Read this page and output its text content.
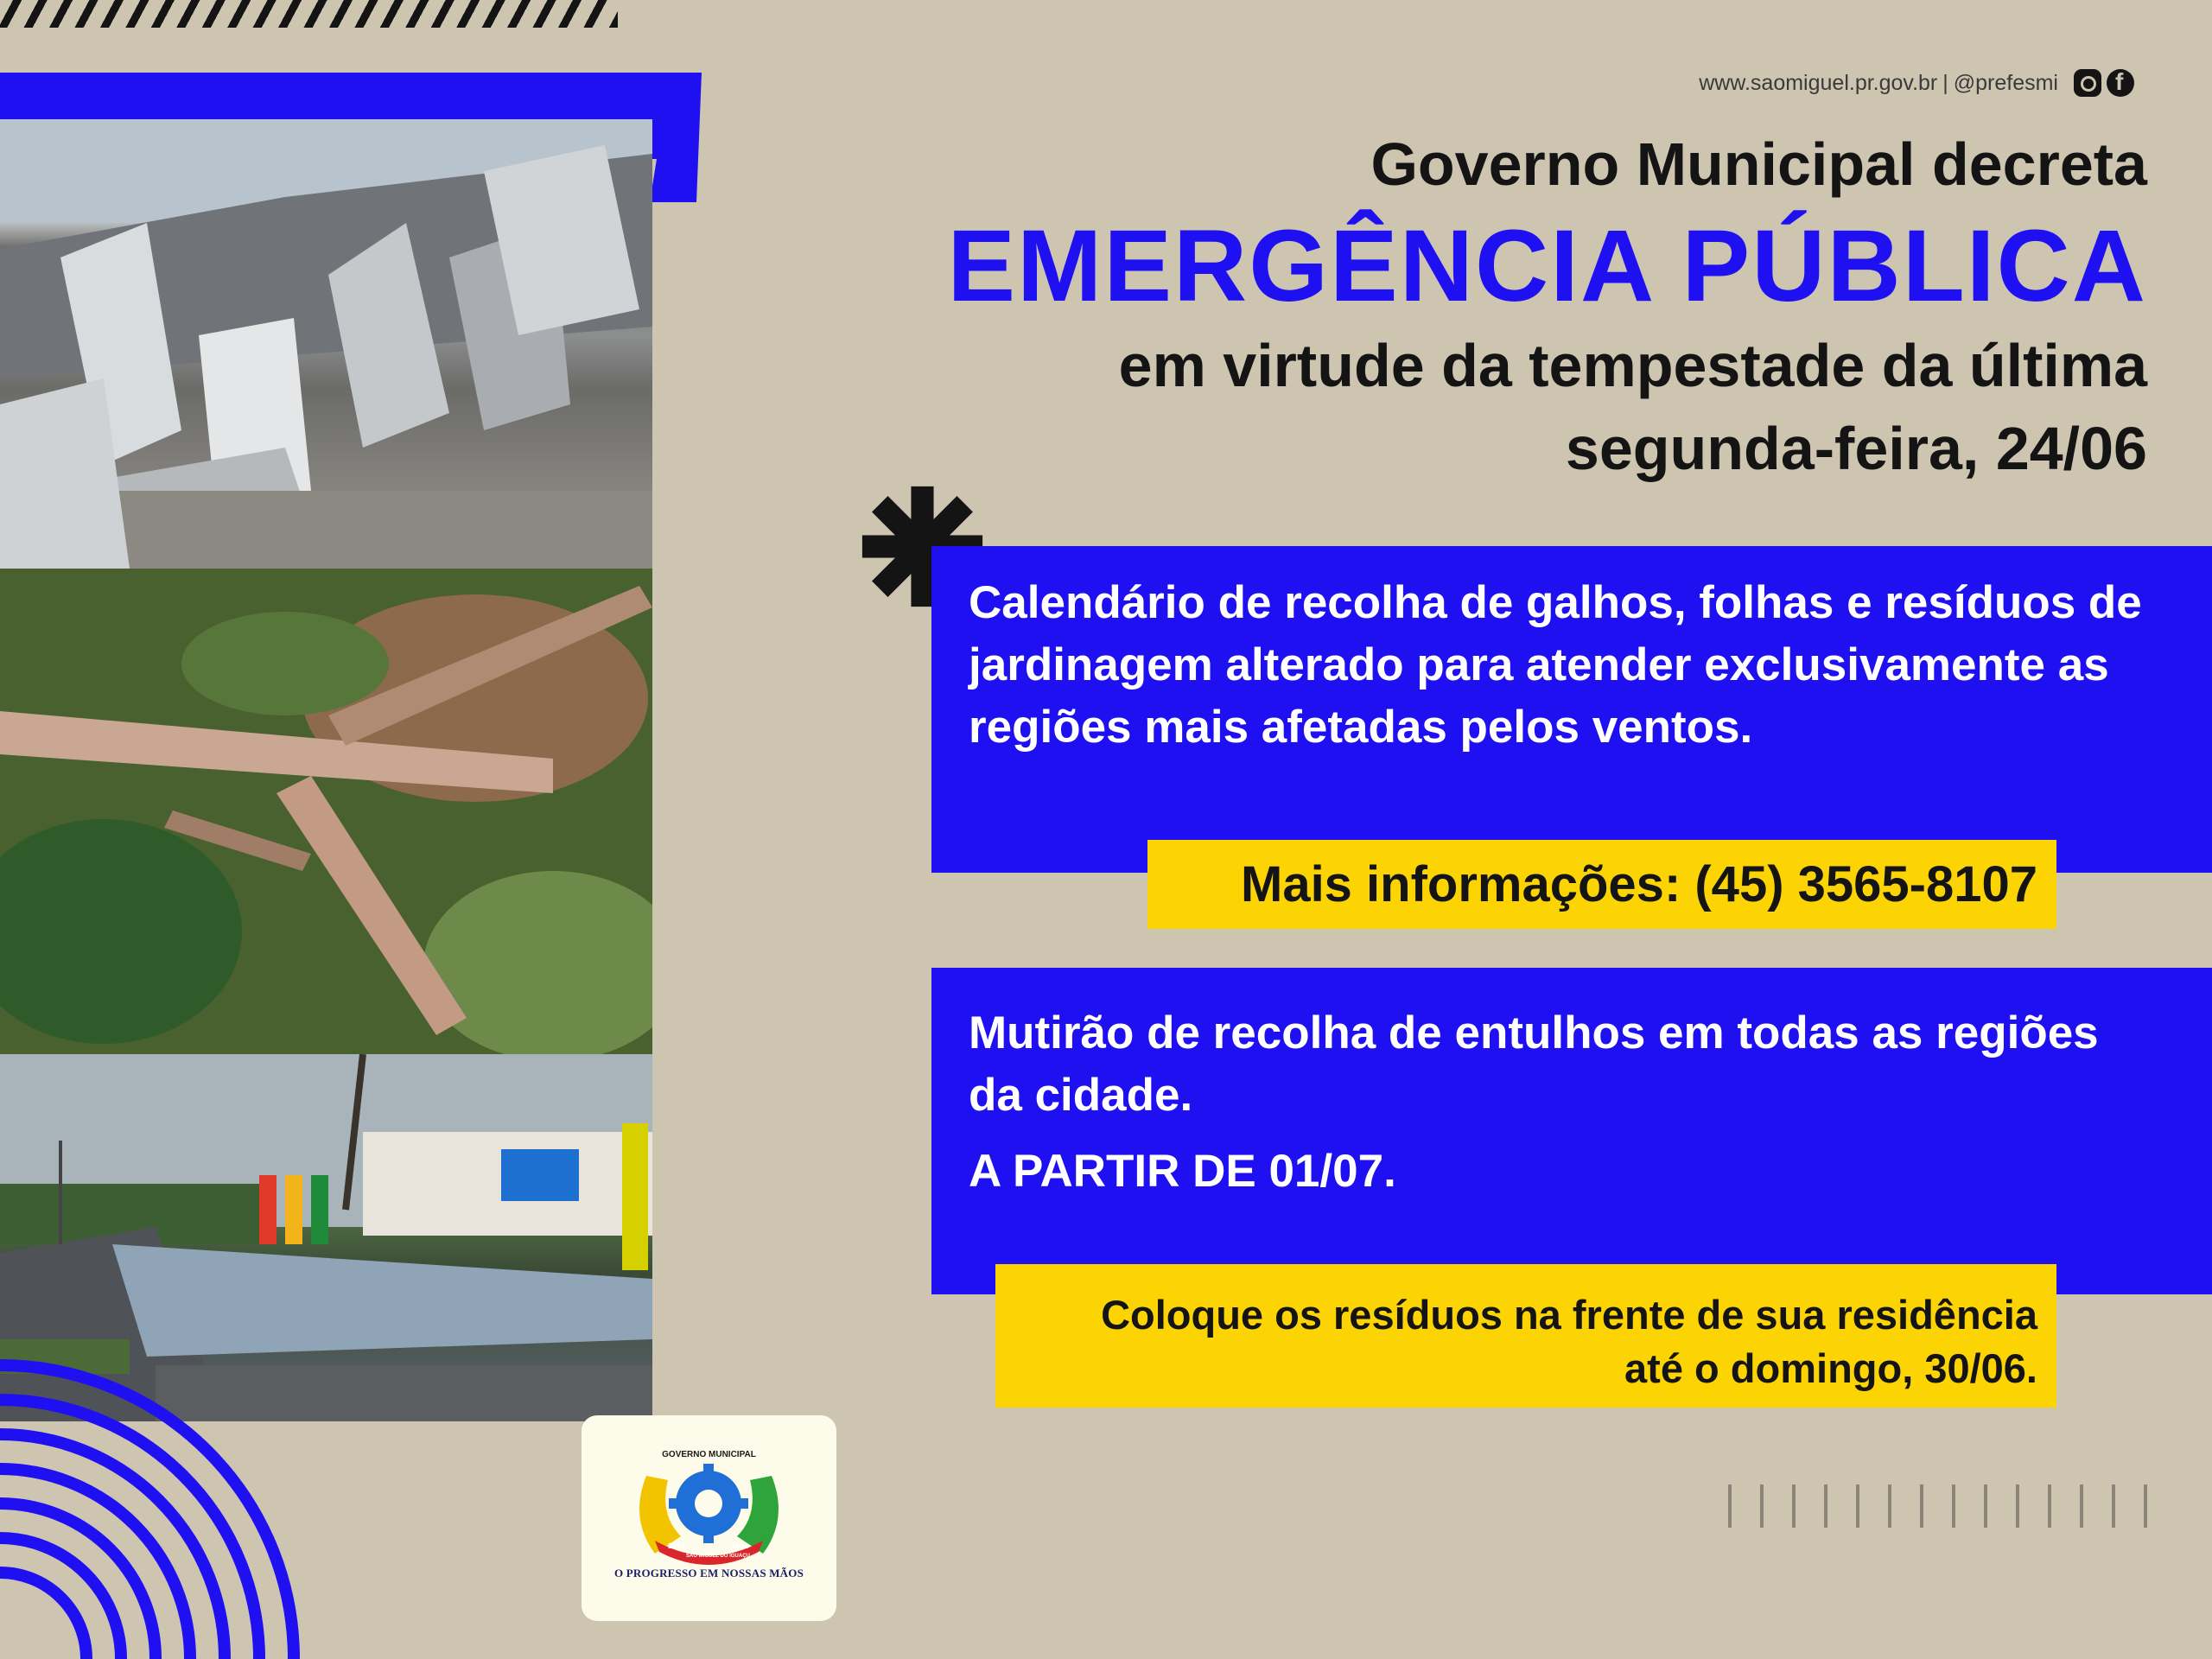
GOVERNO MUNICIPAL
1951	1961
SÃO MIGUEL DO IGUAÇU
O PROGRESSO EM NOSSAS MÃOS
www.saomiguel.pr.gov.br | @prefesmi
f
Governo Municipal decreta
EMERGÊNCIA PÚBLICA
em virtude da tempestade da última
segunda-feira, 24/06
Calendário de recolha de galhos, folhas e resíduos de jardinagem alterado para atender exclusivamente as regiões mais afetadas pelos ventos.
Mais informações: (45) 3565-8107
Mutirão de recolha de entulhos em todas as regiões da cidade.
A PARTIR DE 01/07.
Coloque os resíduos na frente de sua residência
até o domingo, 30/06.
